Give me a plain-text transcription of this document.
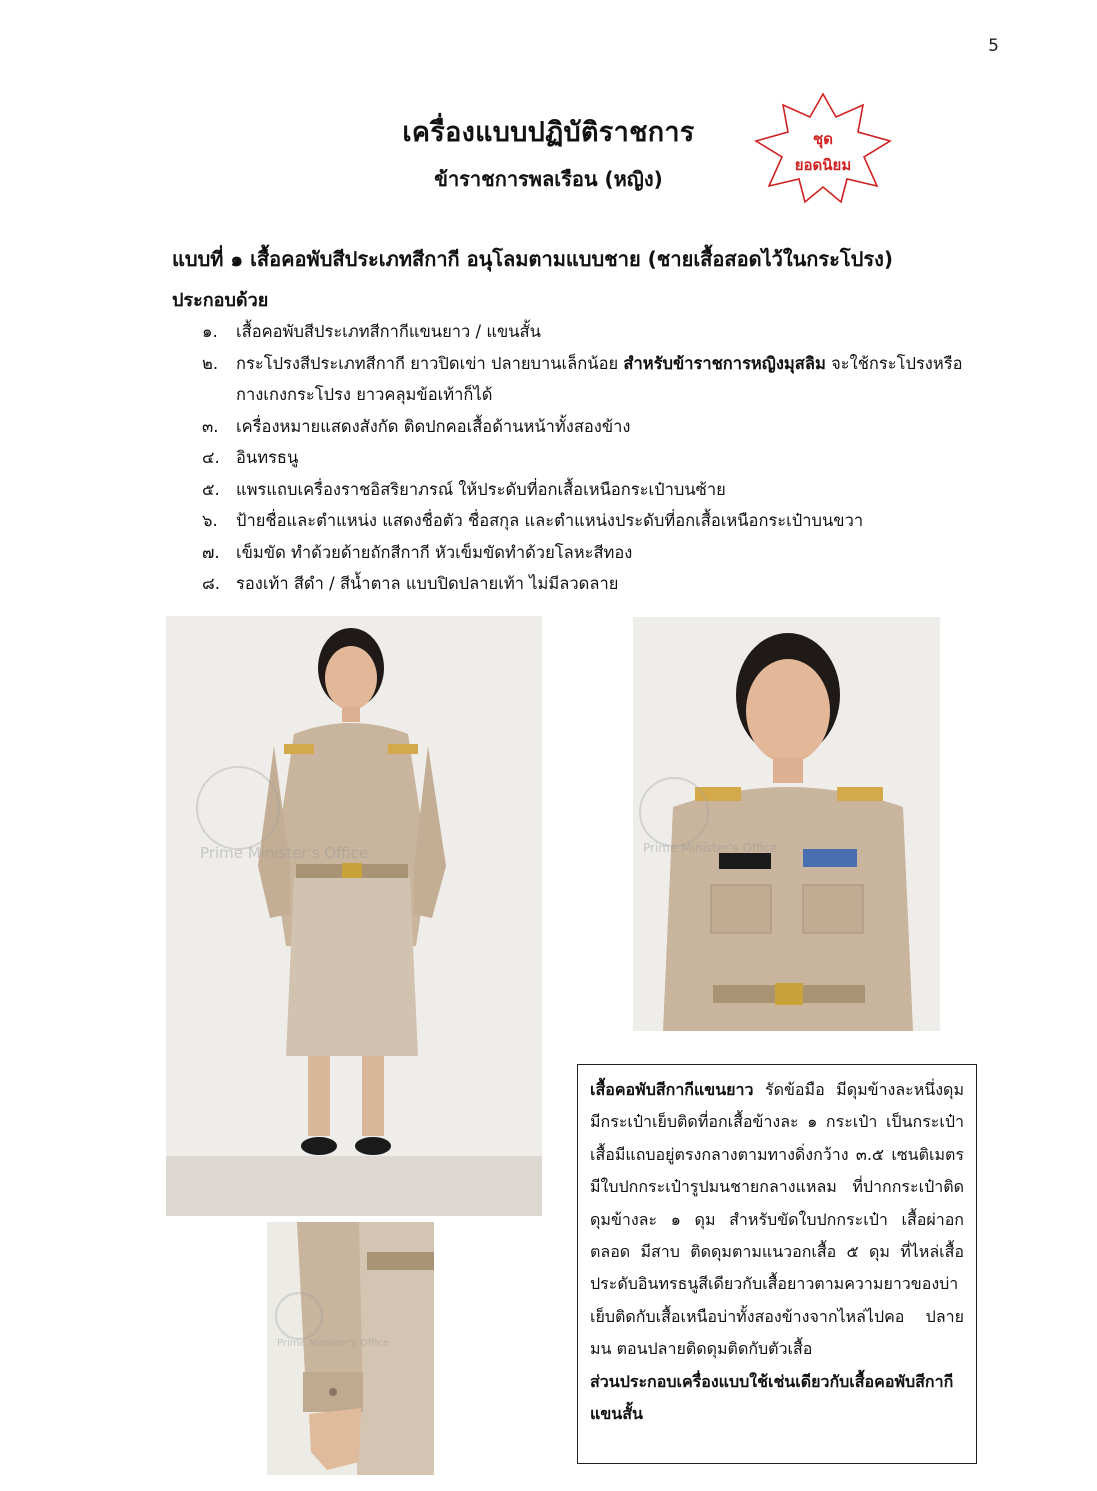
5
เครื่องแบบปฏิบัติราชการ
ข้าราชการพลเรือน (หญิง)
ชุด
ยอดนิยม
แบบที่ ๑ เสื้อคอพับสีประเภทสีกากี อนุโลมตามแบบชาย (ชายเสื้อสอดไว้ในกระโปรง)
ประกอบด้วย
๑.	เสื้อคอพับสีประเภทสีกากีแขนยาว / แขนสั้น
๒.	กระโปรงสีประเภทสีกากี ยาวปิดเข่า ปลายบานเล็กน้อย สำหรับข้าราชการหญิงมุสลิม จะใช้กระโปรงหรือกางเกงกระโปรง ยาวคลุมข้อเท้าก็ได้
๓.	เครื่องหมายแสดงสังกัด ติดปกคอเสื้อด้านหน้าทั้งสองข้าง
๔. อินทรธนู
๕. แพรแถบเครื่องราชอิสริยาภรณ์ ให้ประดับที่อกเสื้อเหนือกระเป๋าบนซ้าย
๖.	ป้ายชื่อและตำแหน่ง แสดงชื่อตัว ชื่อสกุล และตำแหน่งประดับที่อกเสื้อเหนือกระเป๋าบนขวา
๗. เข็มขัด ทำด้วยด้ายถักสีกากี หัวเข็มขัดทำด้วยโลหะสีทอง
๘. รองเท้า สีดำ / สีน้ำตาล แบบปิดปลายเท้า ไม่มีลวดลาย
Prime Minister's Office	Prime Minister's Office
Prime Minister's Office
เสื้อคอพับสีกากีแขนยาว รัดข้อมือ มีดุมข้างละหนึ่งดุม มีกระเป๋าเย็บติดที่อกเสื้อข้างละ ๑ กระเป๋า เป็นกระเป๋าเสื้อมีแถบอยู่ตรงกลางตามทางดิ่งกว้าง ๓.๕ เซนติเมตร มีใบปกกระเป๋ารูปมนชายกลางแหลม ที่ปากกระเป๋าติดดุมข้างละ ๑ ดุม สำหรับขัดใบปกกระเป๋า เสื้อผ่าอกตลอด มีสาบ ติดดุมตามแนวอกเสื้อ ๕ ดุม ที่ไหล่เสื้อประดับอินทรธนูสีเดียวกับเสื้อยาวตามความยาวของบ่า เย็บติดกับเสื้อเหนือบ่าทั้งสองข้างจากไหล่ไปคอ ปลายมน ตอนปลายติดดุมติดกับตัวเสื้อ
ส่วนประกอบเครื่องแบบใช้เช่นเดียวกับเสื้อคอพับสีกากีแขนสั้น
